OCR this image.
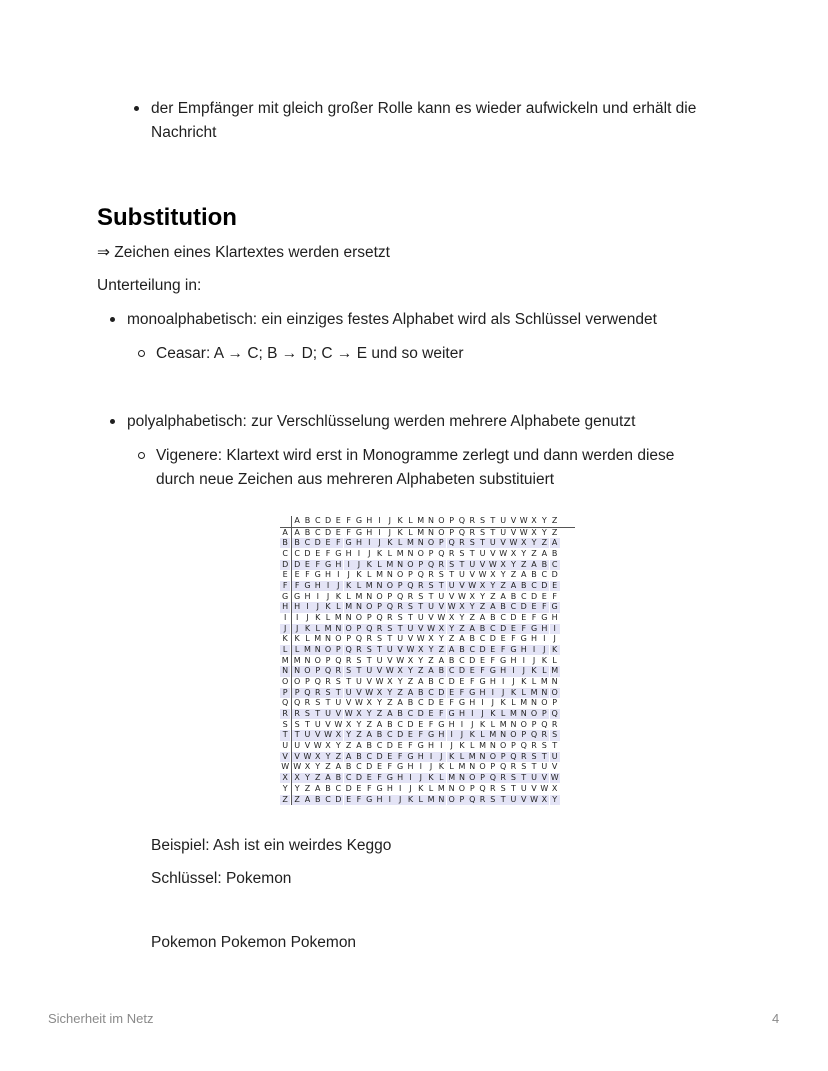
der Empfänger mit gleich großer Rolle kann es wieder aufwickeln und erhält die
Nachricht
Substitution
⇒ Zeichen eines Klartextes werden ersetzt
Unterteilung in:
monoalphabetisch: ein einziges festes Alphabet wird als Schlüssel verwendet
Ceasar: A → C; B → D; C → E und so weiter
polyalphabetisch: zur Verschlüsselung werden mehrere Alphabete genutzt
Vigenere: Klartext wird erst in Monogramme zerlegt und dann werden diese
durch neue Zeichen aus mehreren Alphabeten substituiert
A B C D E F G H I J K L M N O P Q R S T U V W X Y Z
A A B C D E F G H I J K L M N O P Q R S T U V W X Y Z
B B C D E F G H I J K L M N O P Q R S T U V W X Y Z A
C C D E F G H I J K L M N O P Q R S T U V W X Y Z A B
D D E F G H I J K L M N O P Q R S T U V W X Y Z A B C
E E F G H I J K L M N O P Q R S T U V W X Y Z A B C D
F F G H I J K L M N O P Q R S T U V W X Y Z A B C D E
G G H I J K L M N O P Q R S T U V W X Y Z A B C D E F
H H I J K L M N O P Q R S T U V W X Y Z A B C D E F G
I	I J K L M N O P Q R S T U V W X Y Z A B C D E F G H
J	J K L M N O P Q R S T U V W X Y Z A B C D E F G H I
K K L M N O P Q R S T U V W X Y Z A B C D E F G H I J
L L M N O P Q R S T U V W X Y Z A B C D E F G H I J K
M M N O P Q R S T U V W X Y Z A B C D E F G H I J K L
N N O P Q R S T U V W X Y Z A B C D E F G H I J K L M
O O P Q R S T U V W X Y Z A B C D E F G H I J K L M N
P P Q R S T U V W X Y Z A B C D E F G H I J K L M N O
Q Q R S T U V W X Y Z A B C D E F G H I J K L M N O P
R R S T U V W X Y Z A B C D E F G H I J K L M N O P Q
S S T U V W X Y Z A B C D E F G H I J K L M N O P Q R
T T U V W X Y Z A B C D E F G H I J K L M N O P Q R S
U U V W X Y Z A B C D E F G H I J K L M N O P Q R S T
V V W X Y Z A B C D E F G H I J K L M N O P Q R S T U
W W X Y Z A B C D E F G H I J K L M N O P Q R S T U V
X X Y Z A B C D E F G H I J K L M N O P Q R S T U V W
Y Y Z A B C D E F G H I J K L M N O P Q R S T U V W X
Z Z A B C D E F G H I J K L M N O P Q R S T U V W X Y
Beispiel: Ash ist ein weirdes Keggo
Schlüssel: Pokemon
Pokemon Pokemon Pokemon
Sicherheit im Netz	4
